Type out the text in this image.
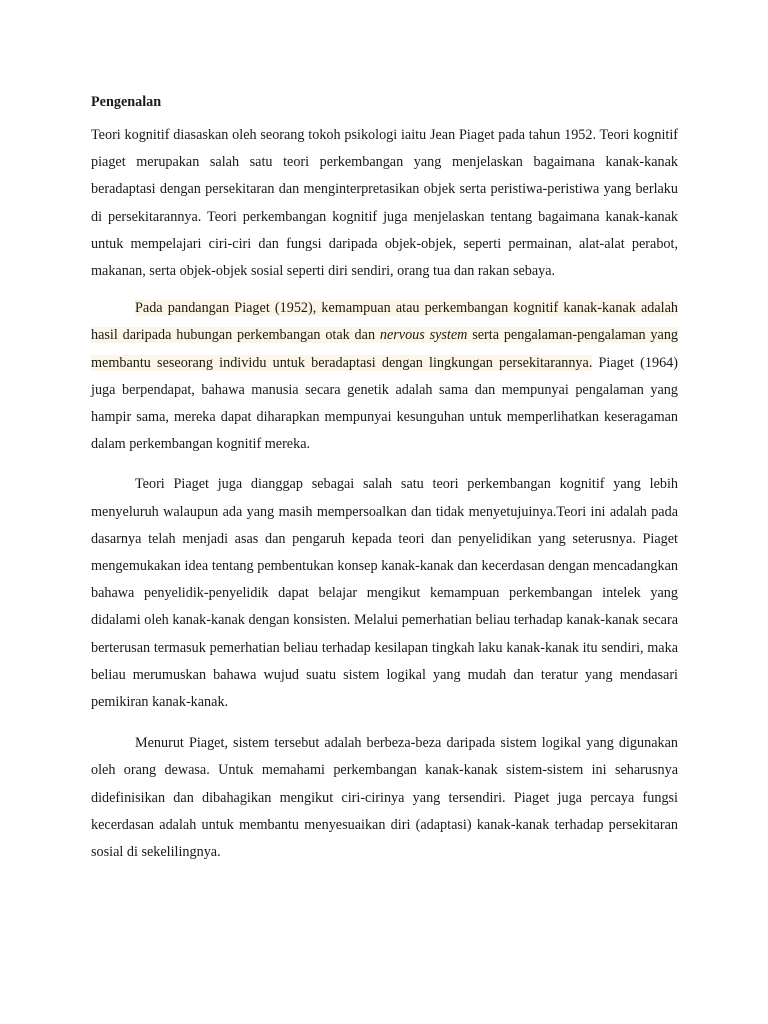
Pengenalan

Teori kognitif diasaskan oleh seorang tokoh psikologi iaitu Jean Piaget pada tahun 1952. Teori kognitif piaget merupakan salah satu teori perkembangan yang menjelaskan bagaimana kanak-kanak beradaptasi dengan persekitaran dan menginterpretasikan objek serta peristiwa-peristiwa yang berlaku di persekitarannya. Teori perkembangan kognitif juga menjelaskan tentang bagaimana kanak-kanak untuk mempelajari ciri-ciri dan fungsi daripada objek-objek, seperti permainan, alat-alat perabot, makanan, serta objek-objek sosial seperti diri sendiri, orang tua dan rakan sebaya.

Pada pandangan Piaget (1952), kemampuan atau perkembangan kognitif kanak-kanak adalah hasil daripada hubungan perkembangan otak dan nervous system serta pengalaman-pengalaman yang membantu seseorang individu untuk beradaptasi dengan lingkungan persekitarannya. Piaget (1964) juga berpendapat, bahawa manusia secara genetik adalah sama dan mempunyai pengalaman yang hampir sama, mereka dapat diharapkan mempunyai kesunguhan untuk memperlihatkan keseragaman dalam perkembangan kognitif mereka.

Teori Piaget juga dianggap sebagai salah satu teori perkembangan kognitif yang lebih menyeluruh walaupun ada yang masih mempersoalkan dan tidak menyetujuinya.Teori ini adalah pada dasarnya telah menjadi asas dan pengaruh kepada teori dan penyelidikan yang seterusnya. Piaget mengemukakan idea tentang pembentukan konsep kanak-kanak dan kecerdasan dengan mencadangkan bahawa penyelidik-penyelidik dapat belajar mengikut kemampuan perkembangan intelek yang didalami oleh kanak-kanak dengan konsisten. Melalui pemerhatian beliau terhadap kanak-kanak secara berterusan termasuk pemerhatian beliau terhadap kesilapan tingkah laku kanak-kanak itu sendiri, maka beliau merumuskan bahawa wujud suatu sistem logikal yang mudah dan teratur yang mendasari pemikiran kanak-kanak.

Menurut Piaget, sistem tersebut adalah berbeza-beza daripada sistem logikal yang digunakan oleh orang dewasa. Untuk memahami perkembangan kanak-kanak sistem-sistem ini seharusnya didefinisikan dan dibahagikan mengikut ciri-cirinya yang tersendiri. Piaget juga percaya fungsi kecerdasan adalah untuk membantu menyesuaikan diri (adaptasi) kanak-kanak terhadap persekitaran sosial di sekelilingnya.
